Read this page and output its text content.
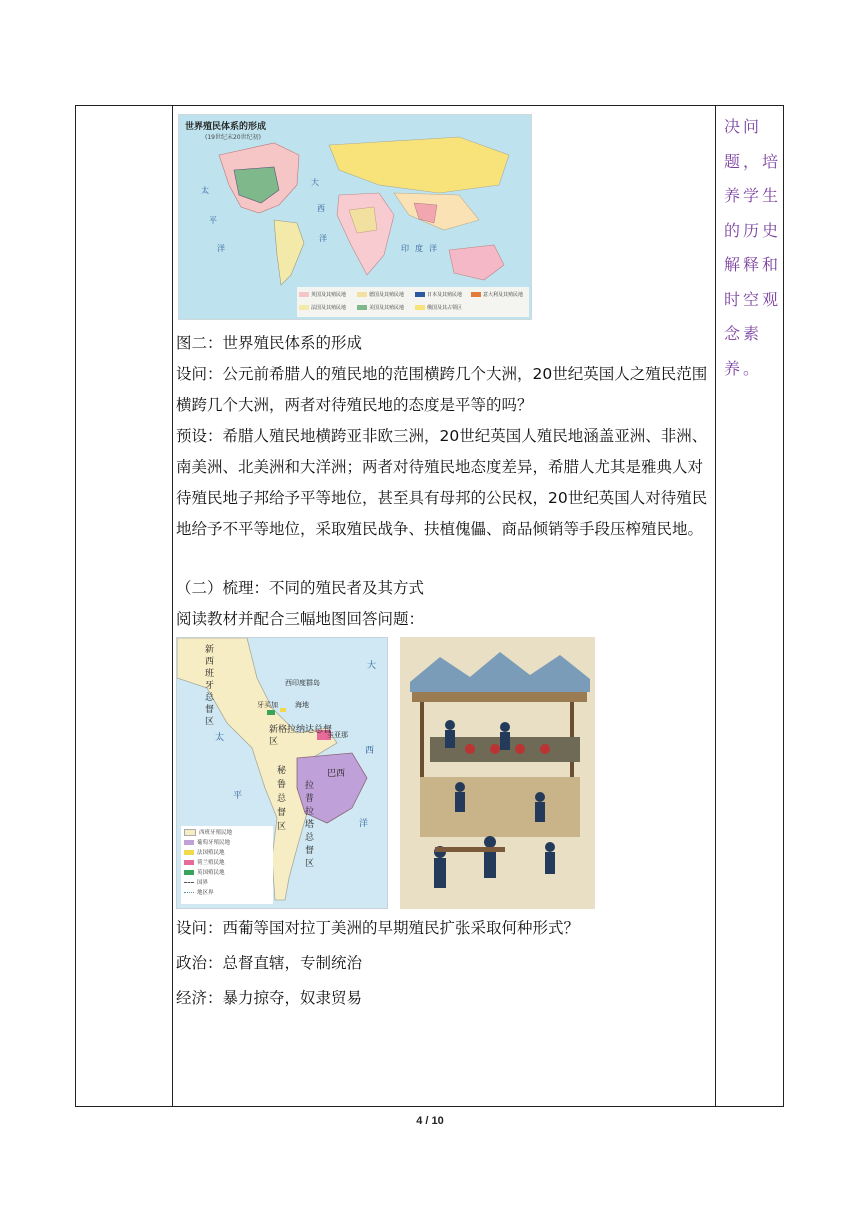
世界殖民体系的形成
(19世纪末20世纪初)
太
平
洋
大
西
洋
印 度 洋
英国及其殖民地	德国及其殖民地	日本及其殖民地	意大利及其殖民地
法国及其殖民地	美国及其殖民地	俄国及其占领区

图二：世界殖民体系的形成

设问：公元前希腊人的殖民地的范围横跨几个大洲，20世纪英国人之殖民范围横跨几个大洲，两者对待殖民地的态度是平等的吗？

预设：希腊人殖民地横跨亚非欧三洲，20世纪英国人殖民地涵盖亚洲、非洲、南美洲、北美洲和大洋洲；两者对待殖民地态度差异，希腊人尤其是雅典人对待殖民地子邦给予平等地位，甚至具有母邦的公民权，20世纪英国人对待殖民地给予不平等地位，采取殖民战争、扶植傀儡、商品倾销等手段压榨殖民地。

（二）梳理：不同的殖民者及其方式

阅读教材并配合三幅地图回答问题：

新西班牙总督区
西印度群岛
牙买加 海地
新格拉纳达总督区
圭亚那
秘鲁总督区
巴西
拉普拉塔总督区
太
平
大
西
洋
西班牙殖民地
葡萄牙殖民地
法国殖民地
荷兰殖民地
英国殖民地
国界
地区界

设问：西葡等国对拉丁美洲的早期殖民扩张采取何种形式？

政治：总督直辖，专制统治

经济：暴力掠夺，奴隶贸易

决问题，培养学生的历史解释和时空观念素养。
4 / 10
